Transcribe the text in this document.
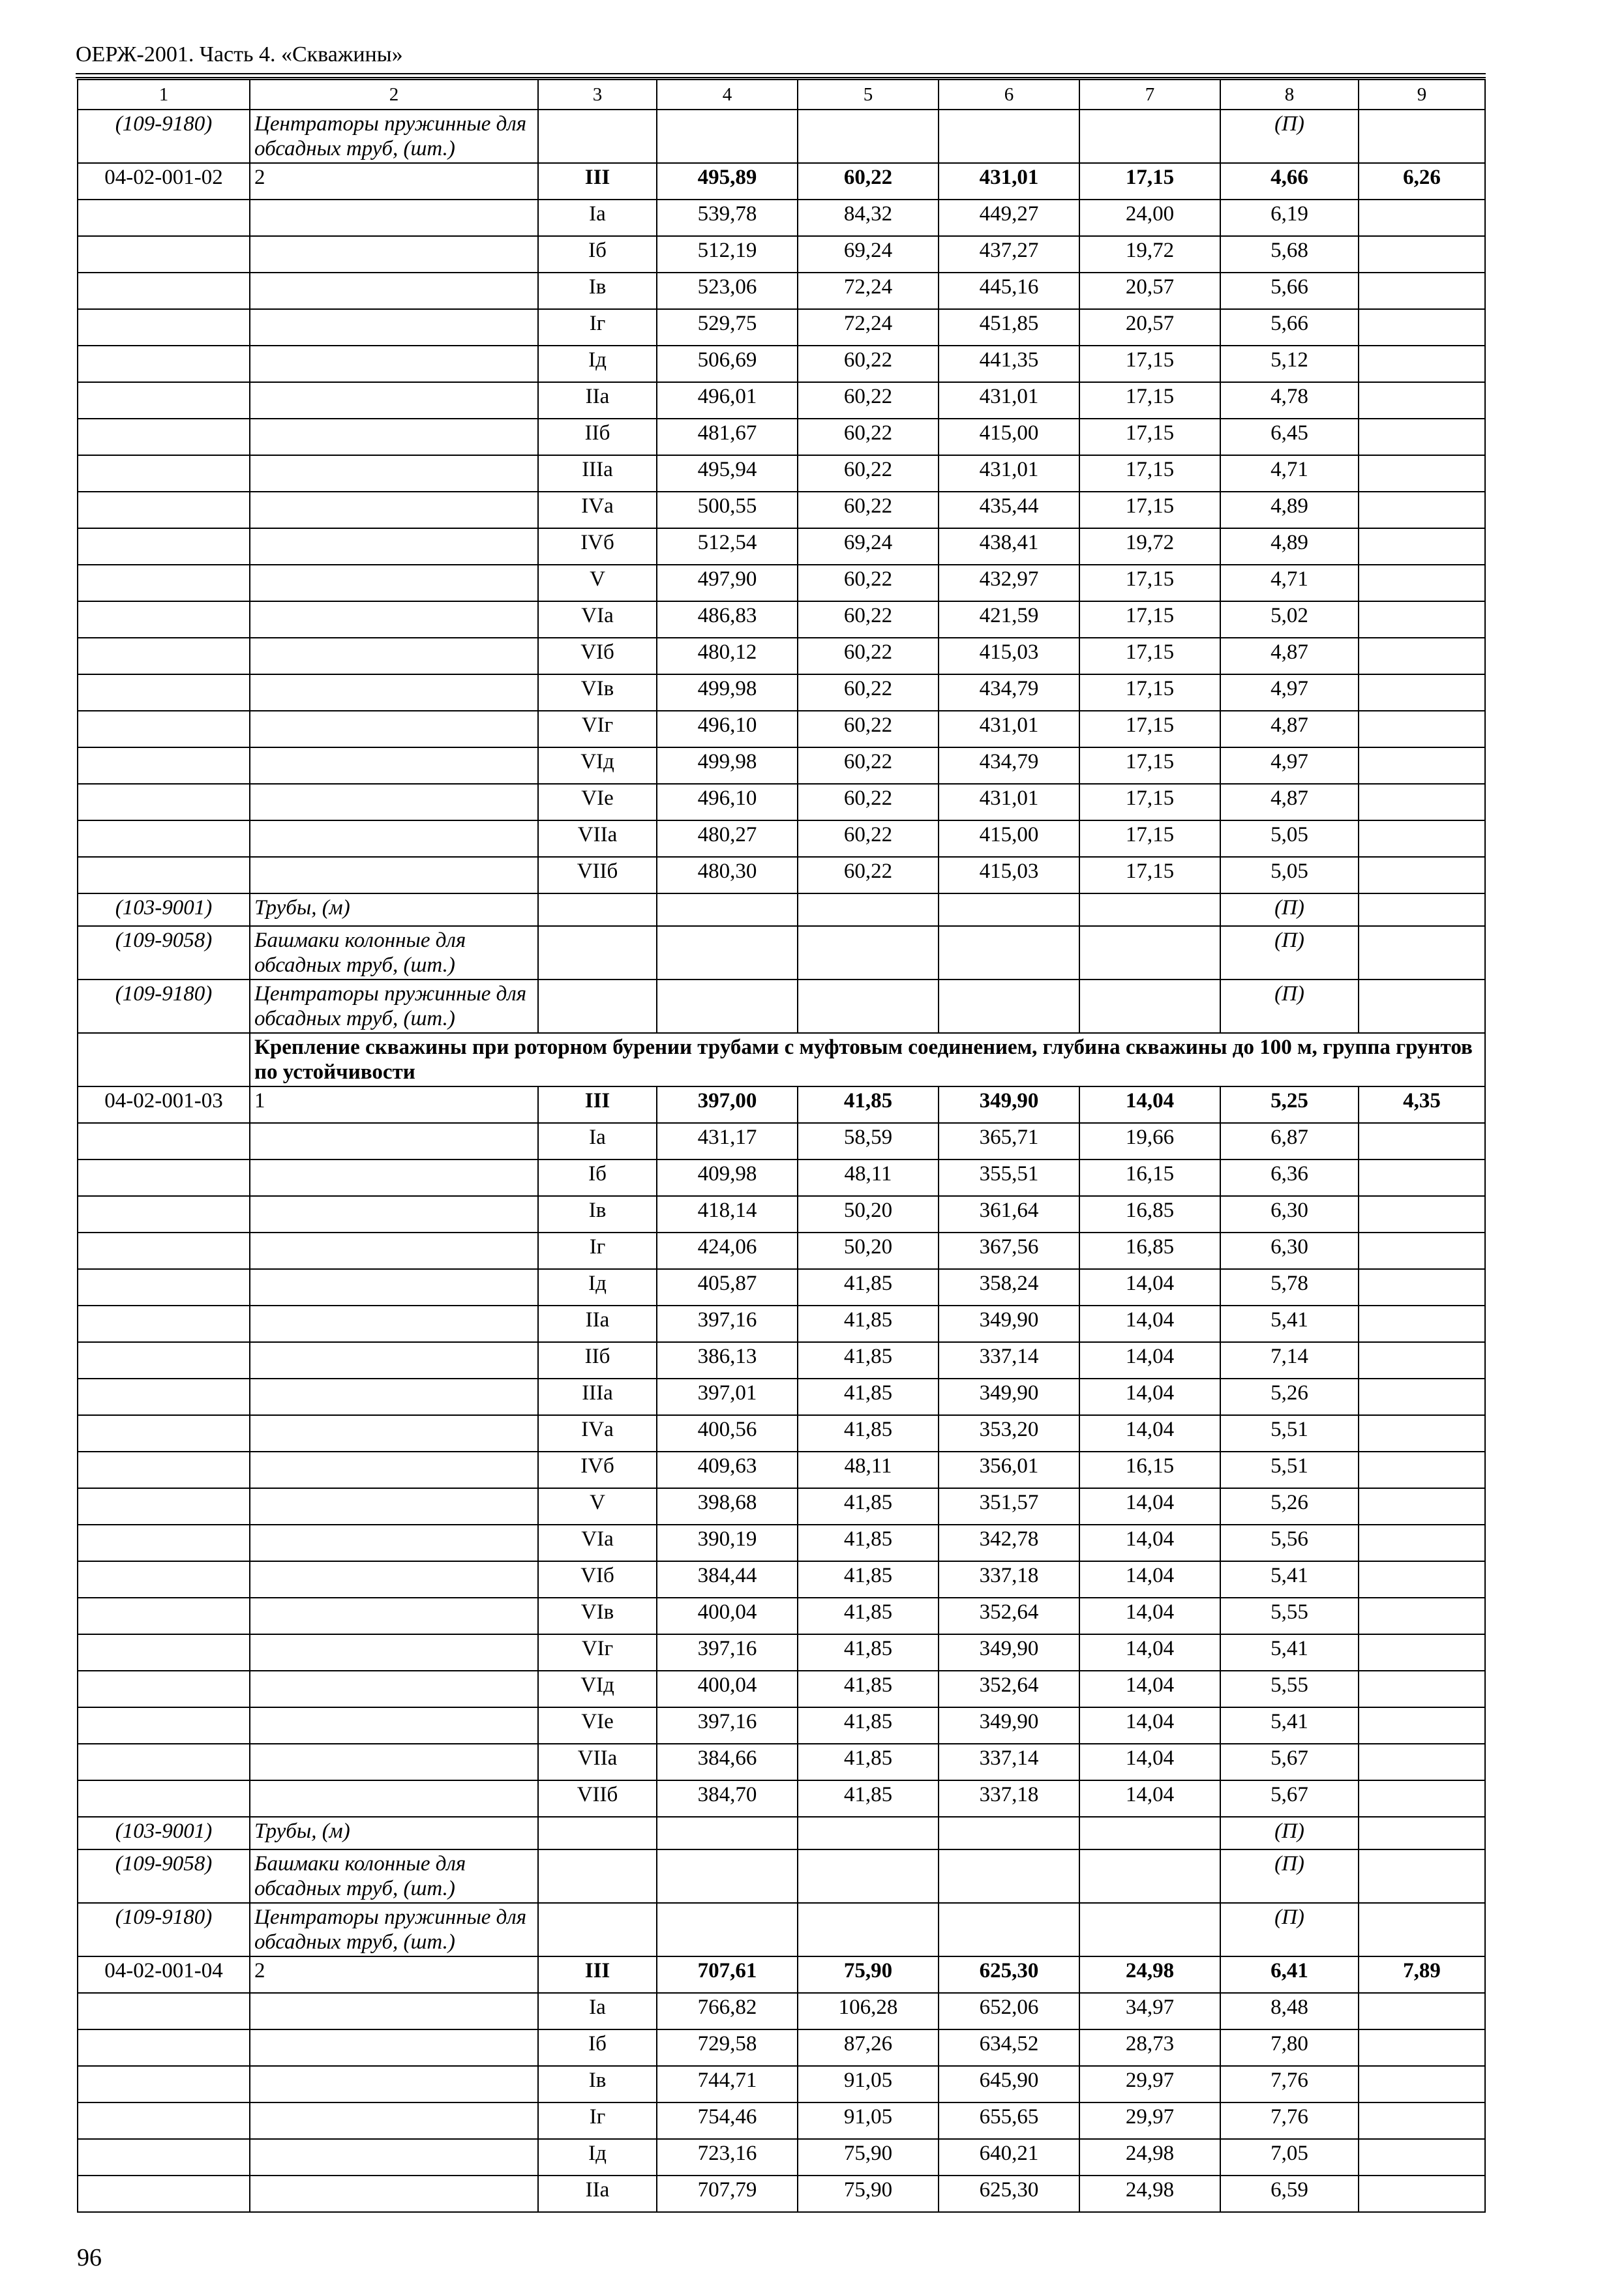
ОЕРЖ-2001. Часть 4. «Скважины»
1	2	3	4	5	6	7	8	9
(109-9180)	Центраторы пружинные для обсадных труб, (шт.)						(П)	
04-02-001-02	2	III	495,89	60,22	431,01	17,15	4,66	6,26
		Iа	539,78	84,32	449,27	24,00	6,19	
		Iб	512,19	69,24	437,27	19,72	5,68	
		Iв	523,06	72,24	445,16	20,57	5,66	
		Iг	529,75	72,24	451,85	20,57	5,66	
		Iд	506,69	60,22	441,35	17,15	5,12	
		IIа	496,01	60,22	431,01	17,15	4,78	
		IIб	481,67	60,22	415,00	17,15	6,45	
		IIIа	495,94	60,22	431,01	17,15	4,71	
		IVа	500,55	60,22	435,44	17,15	4,89	
		IVб	512,54	69,24	438,41	19,72	4,89	
		V	497,90	60,22	432,97	17,15	4,71	
		VIа	486,83	60,22	421,59	17,15	5,02	
		VIб	480,12	60,22	415,03	17,15	4,87	
		VIв	499,98	60,22	434,79	17,15	4,97	
		VIг	496,10	60,22	431,01	17,15	4,87	
		VIд	499,98	60,22	434,79	17,15	4,97	
		VIе	496,10	60,22	431,01	17,15	4,87	
		VIIа	480,27	60,22	415,00	17,15	5,05	
		VIIб	480,30	60,22	415,03	17,15	5,05	
(103-9001)	Трубы, (м)						(П)	
(109-9058)	Башмаки колонные для обсадных труб, (шт.)						(П)	
(109-9180)	Центраторы пружинные для обсадных труб, (шт.)						(П)	
	Крепление скважины при роторном бурении трубами с муфтовым соединением, глубина скважины до 100 м, группа грунтов по устойчивости							
04-02-001-03	1	III	397,00	41,85	349,90	14,04	5,25	4,35
		Iа	431,17	58,59	365,71	19,66	6,87	
		Iб	409,98	48,11	355,51	16,15	6,36	
		Iв	418,14	50,20	361,64	16,85	6,30	
		Iг	424,06	50,20	367,56	16,85	6,30	
		Iд	405,87	41,85	358,24	14,04	5,78	
		IIа	397,16	41,85	349,90	14,04	5,41	
		IIб	386,13	41,85	337,14	14,04	7,14	
		IIIа	397,01	41,85	349,90	14,04	5,26	
		IVа	400,56	41,85	353,20	14,04	5,51	
		IVб	409,63	48,11	356,01	16,15	5,51	
		V	398,68	41,85	351,57	14,04	5,26	
		VIа	390,19	41,85	342,78	14,04	5,56	
		VIб	384,44	41,85	337,18	14,04	5,41	
		VIв	400,04	41,85	352,64	14,04	5,55	
		VIг	397,16	41,85	349,90	14,04	5,41	
		VIд	400,04	41,85	352,64	14,04	5,55	
		VIе	397,16	41,85	349,90	14,04	5,41	
		VIIа	384,66	41,85	337,14	14,04	5,67	
		VIIб	384,70	41,85	337,18	14,04	5,67	
(103-9001)	Трубы, (м)						(П)	
(109-9058)	Башмаки колонные для обсадных труб, (шт.)						(П)	
(109-9180)	Центраторы пружинные для обсадных труб, (шт.)						(П)	
04-02-001-04	2	III	707,61	75,90	625,30	24,98	6,41	7,89
		Iа	766,82	106,28	652,06	34,97	8,48	
		Iб	729,58	87,26	634,52	28,73	7,80	
		Iв	744,71	91,05	645,90	29,97	7,76	
		Iг	754,46	91,05	655,65	29,97	7,76	
		Iд	723,16	75,90	640,21	24,98	7,05	
		IIа	707,79	75,90	625,30	24,98	6,59	
96
